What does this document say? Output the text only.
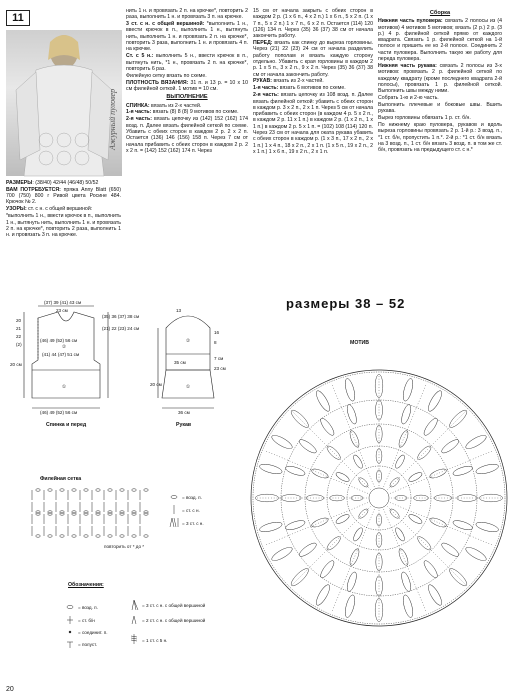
11
Ажурный пуловер

РАЗМЕРЫ: (38/40) 42/44 (46/48) 50/52

ВАМ ПОТРЕБУЕТСЯ: пряжа Anny Blatt (650) 700 (750) 800 г Ривой цвета Росине 484. Крючок № 2.

УЗОРЫ: ст. с н. с общей вершиной:

*выполнить 1 н., ввести крючок в п., выполнить 1 н., вытянуть нить, выполнить 1 н. и провязать 2 п. на крючке*, повторить 2 раза, выполнить 1 н. и провязать 3 п. на крючке.

нить 1 н. и провязать 2 п. на крючке*, повторить 2 раза, выполнить 1 н. и провязать 3 п. на крючке.

3 ст. с н. с общей вершиной: *выполнить 1 н., ввести крючок в п., выполнить 1 н., вытянуть нить, выполнить 1 н. и провязать 2 п. на крючке*, повторить 3 раза, выполнить 1 н. и провязать 4 п. на крючке.

Ст. с 5 н.: выполнить 5 н., ввести крючок в п., вытянуть нить, *1 н., провязать 2 п. на крючке*, повторить 6 раз.

Филейную сетку вязать по схеме.

ПЛОТНОСТЬ ВЯЗАНИЯ: 31 п. и 13 р. = 10 х 10 см филейной сеткой. 1 мотив = 10 см.

ВЫПОЛНЕНИЕ

СПИНКА: вязать из 2-х частей.

1-я часть: вязать (8) 8 (8) 9 мотивов по схеме.

2-я часть: вязать цепочку из (142) 152 (162) 174 возд. п. Далее вязать филейной сеткой по схеме. Убавить с обеих сторон в каждом 2 р. 2 х 2 п. Остается (136) 146 (156) 158 п. Через 7 см от начала прибавить с обеих сторон в каждом 2 р. 2 х 2 п. = (142) 152 (162) 174 п. Через

15 см от начала закрыть с обеих сторон в каждом 2 р. (1 х 6 п., 4 х 2 п.) 1 х 6 п., 5 х 2 п. (1 х 7 п., 5 х 2 п.) 1 х 7 п., 6 х 2 п. Остается (114) 120 (126) 134 п. Через (35) 36 (37) 38 см от начала закончить работу.

ПЕРЕД: вязать как спинку до выреза горловины. Через (21) 22 (23) 24 см от начала разделить работу пополам и вязать каждую сторону отдельно. Убавить с края горловины в каждом 2 р. 1 х 5 п., 3 х 2 п., 9 х 2 п. Через (35) 36 (37) 38 см от начала закончить работу.

РУКАВ: вязать из 2-х частей.

1-я часть: вязать 6 мотивов по схеме.

2-я часть: вязать цепочку из 108 возд. п. Далее вязать филейной сеткой: убавить с обеих сторон в каждом р. 3 х 2 п., 2 х 1 п. Через 5 см от начала прибавить с обеих сторон (в каждом 4 р. 5 х 2 п., в каждом 2 р. 11 х 1 п.) в каждом 2 р. (1 х 2 п., 1 х 1 п.) в каждом 2 р. 5 х 1 п. = (102) 108 (114) 120 п. Через 23 см от начала для оката рукава убавить с обеих сторон в каждом р. (1 х 3 п., 17 х 2 п., 2 х 1 п.) 1 х 4 п., 18 х 2 п., 2 х 1 п. (1 х 5 п., 19 х 2 п., 2 х 1 п.) 1 х 6 п., 19 х 2 п., 2 х 1 п.

Сборка

Нижняя часть пуловера: связать 2 полосы из (4 мотивов) 4 мотивов 5 мотивов; вязать (2 р.) 2 р. (3 р.) 4 р. филейной сеткой прямо от каждого квадрата. Связать 1 р. филейной сеткой на 1-й полосе и пришить ее ко 2-й полосе. Соединить 2 части пуловера. Выполнить такую же работу для переда пуловера.

Нижняя часть рукава: связать 2 полосы из 3-х мотивов: провязать 2 р. филейной сеткой по каждому квадрату (кроме последнего квадрата 2-й полосы), провязать 1 р. филейной сеткой. Выполнить швы между ними.

Собрать 1-ю и 2-ю часть.

Выполнить плечевые и боковые швы. Вшить рукава.

Вырез горловины обвязать 1 р. ст. б/н.

По нижнему краю пуловера, рукавов и вдоль выреза горловины провязать 2 р. 1-й р.: 3 возд. п., *1 ст. б/н, пропустить 1 п.*. 2-й р.: *1 ст. б/н вязать на 3 возд. п., 1 ст. б/н вязать 3 возд. п. в том же ст. б/н, провязать на предыдущего ст. с н.*

(37) 39 (41) 43 см
23 см
(35) 36 (37) 38 см
(21) 22 (23) 24 см
20
21
22
(2)
(46) 49 (52) 56 см
(41) 44 (47) 51 см
20 см
(46) 49 (52) 56 см
②
①
Спинка и перед
13
16
8
7 см
23 см
35 см
20 см
36 см
②
①
Рукав
размеры 38 – 52
МОТИВ
Филейная сетка
= возд. п.
= ст. с н.
= 3 ст. с н.
повторить от * до *
Обозначения:
= возд. п.	= 3 ст. с н. с общей вершиной
= ст. б/н	= 2 ст. с н. с общей вершиной
= соединит. п.
= полуст.
= 1 ст. с 5 н.
20
